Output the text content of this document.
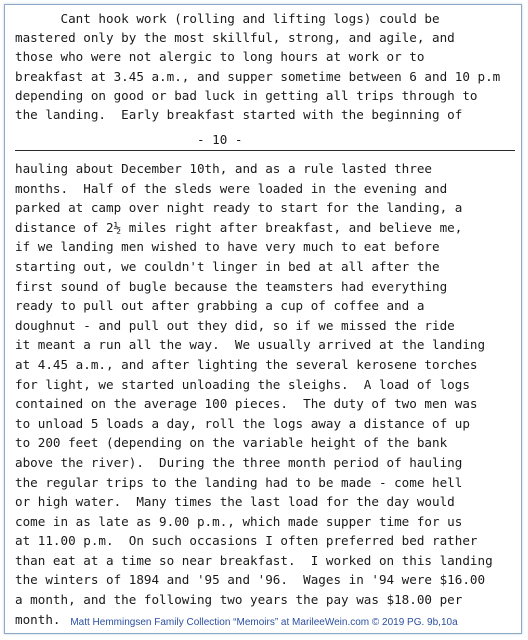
Cant hook work (rolling and lifting logs) could be
mastered only by the most skillful, strong, and agile, and
those who were not alergic to long hours at work or to
breakfast at 3.45 a.m., and supper sometime between 6 and 10 p.m
depending on good or bad luck in getting all trips through to
the landing.  Early breakfast started with the beginning of
- 10 -
hauling about December 10th, and as a rule lasted three
months.  Half of the sleds were loaded in the evening and
parked at camp over night ready to start for the landing, a
distance of 2½ miles right after breakfast, and believe me,
if we landing men wished to have very much to eat before
starting out, we couldn't linger in bed at all after the
first sound of bugle because the teamsters had everything
ready to pull out after grabbing a cup of coffee and a
doughnut - and pull out they did, so if we missed the ride
it meant a run all the way.  We usually arrived at the landing
at 4.45 a.m., and after lighting the several kerosene torches
for light, we started unloading the sleighs.  A load of logs
contained on the average 100 pieces.  The duty of two men was
to unload 5 loads a day, roll the logs away a distance of up
to 200 feet (depending on the variable height of the bank
above the river).  During the three month period of hauling
the regular trips to the landing had to be made - come hell
or high water.  Many times the last load for the day would
come in as late as 9.00 p.m., which made supper time for us
at 11.00 p.m.  On such occasions I often preferred bed rather
than eat at a time so near breakfast.  I worked on this landing
the winters of 1894 and '95 and '96.  Wages in '94 were $16.00
a month, and the following two years the pay was $18.00 per
month. Matt Hemmingsen Family Collection “Memoirs” at MarileeWein.com © 2019 PG. 9b,10a
